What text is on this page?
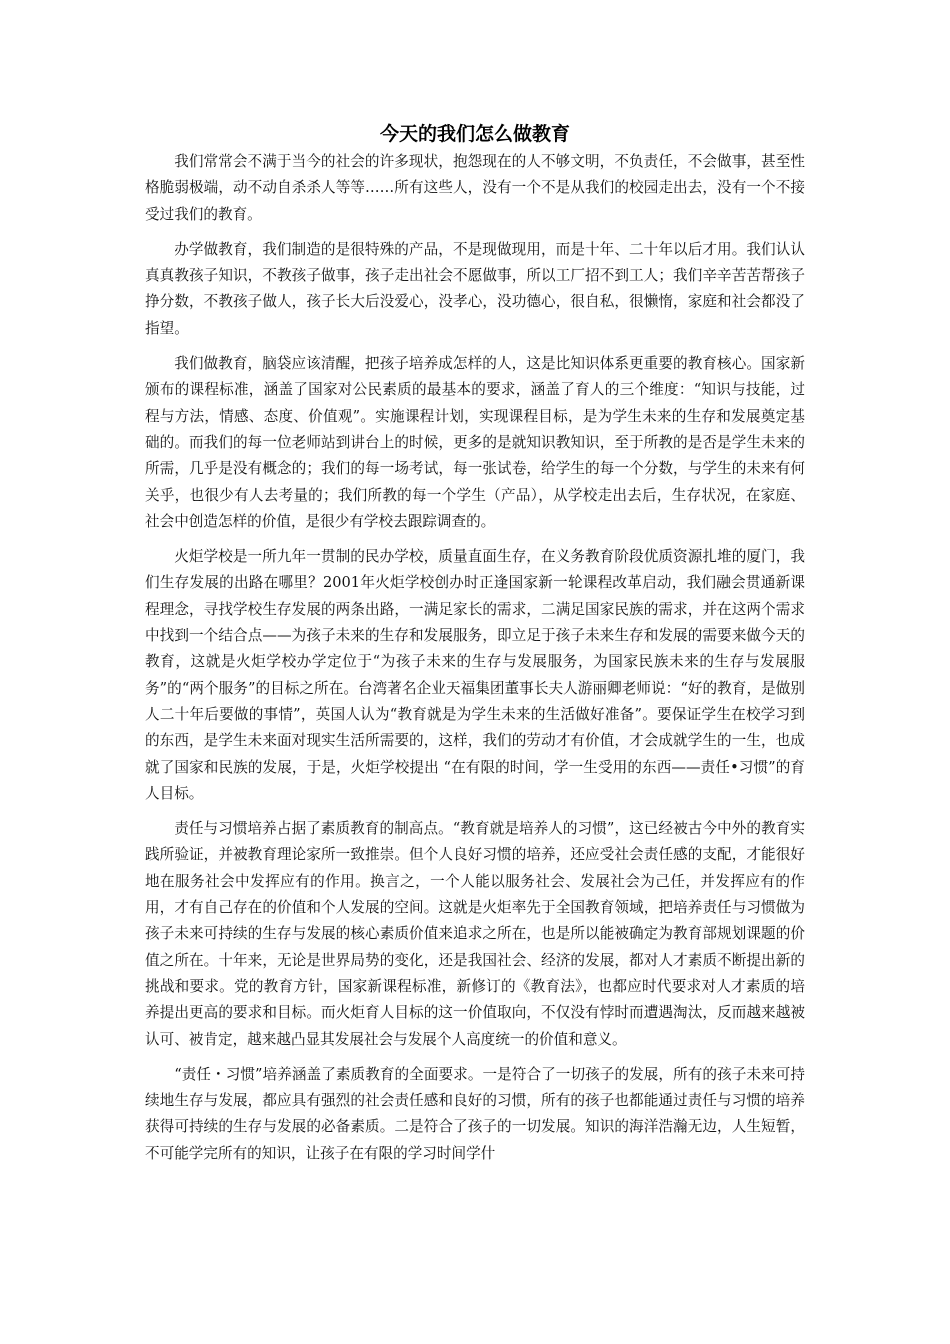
今天的我们怎么做教育

我们常常会不满于当今的社会的许多现状，抱怨现在的人不够文明，不负责任，不会做事，甚至性格脆弱极端，动不动自杀杀人等等……所有这些人，没有一个不是从我们的校园走出去，没有一个不接受过我们的教育。

办学做教育，我们制造的是很特殊的产品，不是现做现用，而是十年、二十年以后才用。我们认认真真教孩子知识，不教孩子做事，孩子走出社会不愿做事，所以工厂招不到工人；我们辛辛苦苦帮孩子挣分数，不教孩子做人，孩子长大后没爱心，没孝心，没功德心，很自私，很懒惰，家庭和社会都没了指望。

我们做教育，脑袋应该清醒，把孩子培养成怎样的人，这是比知识体系更重要的教育核心。国家新颁布的课程标准，涵盖了国家对公民素质的最基本的要求，涵盖了育人的三个维度：“知识与技能，过程与方法，情感、态度、价值观”。实施课程计划，实现课程目标，是为学生未来的生存和发展奠定基础的。而我们的每一位老师站到讲台上的时候，更多的是就知识教知识，至于所教的是否是学生未来的所需，几乎是没有概念的；我们的每一场考试，每一张试卷，给学生的每一个分数，与学生的未来有何关乎，也很少有人去考量的；我们所教的每一个学生（产品），从学校走出去后，生存状况，在家庭、社会中创造怎样的价值，是很少有学校去跟踪调查的。

火炬学校是一所九年一贯制的民办学校，质量直面生存，在义务教育阶段优质资源扎堆的厦门，我们生存发展的出路在哪里？2001年火炬学校创办时正逢国家新一轮课程改革启动，我们融会贯通新课程理念，寻找学校生存发展的两条出路，一满足家长的需求，二满足国家民族的需求，并在这两个需求中找到一个结合点——为孩子未来的生存和发展服务，即立足于孩子未来生存和发展的需要来做今天的教育，这就是火炬学校办学定位于“为孩子未来的生存与发展服务，为国家民族未来的生存与发展服务”的“两个服务”的目标之所在。台湾著名企业天福集团董事长夫人游丽卿老师说：“好的教育，是做别人二十年后要做的事情”，英国人认为“教育就是为学生未来的生活做好准备”。要保证学生在校学习到的东西，是学生未来面对现实生活所需要的，这样，我们的劳动才有价值，才会成就学生的一生，也成就了国家和民族的发展，于是，火炬学校提出 “在有限的时间，学一生受用的东西——责任•习惯”的育人目标。

责任与习惯培养占据了素质教育的制高点。“教育就是培养人的习惯”，这已经被古今中外的教育实践所验证，并被教育理论家所一致推崇。但个人良好习惯的培养，还应受社会责任感的支配，才能很好地在服务社会中发挥应有的作用。换言之，一个人能以服务社会、发展社会为己任，并发挥应有的作用，才有自己存在的价值和个人发展的空间。这就是火炬率先于全国教育领域，把培养责任与习惯做为孩子未来可持续的生存与发展的核心素质价值来追求之所在，也是所以能被确定为教育部规划课题的价值之所在。十年来，无论是世界局势的变化，还是我国社会、经济的发展，都对人才素质不断提出新的挑战和要求。党的教育方针，国家新课程标准，新修订的《教育法》，也都应时代要求对人才素质的培养提出更高的要求和目标。而火炬育人目标的这一价值取向，不仅没有悖时而遭遇淘汰，反而越来越被认可、被肯定，越来越凸显其发展社会与发展个人高度统一的价值和意义。

“责任・习惯”培养涵盖了素质教育的全面要求。一是符合了一切孩子的发展，所有的孩子未来可持续地生存与发展，都应具有强烈的社会责任感和良好的习惯，所有的孩子也都能通过责任与习惯的培养获得可持续的生存与发展的必备素质。二是符合了孩子的一切发展。知识的海洋浩瀚无边，人生短暂，不可能学完所有的知识，让孩子在有限的学习时间学什
